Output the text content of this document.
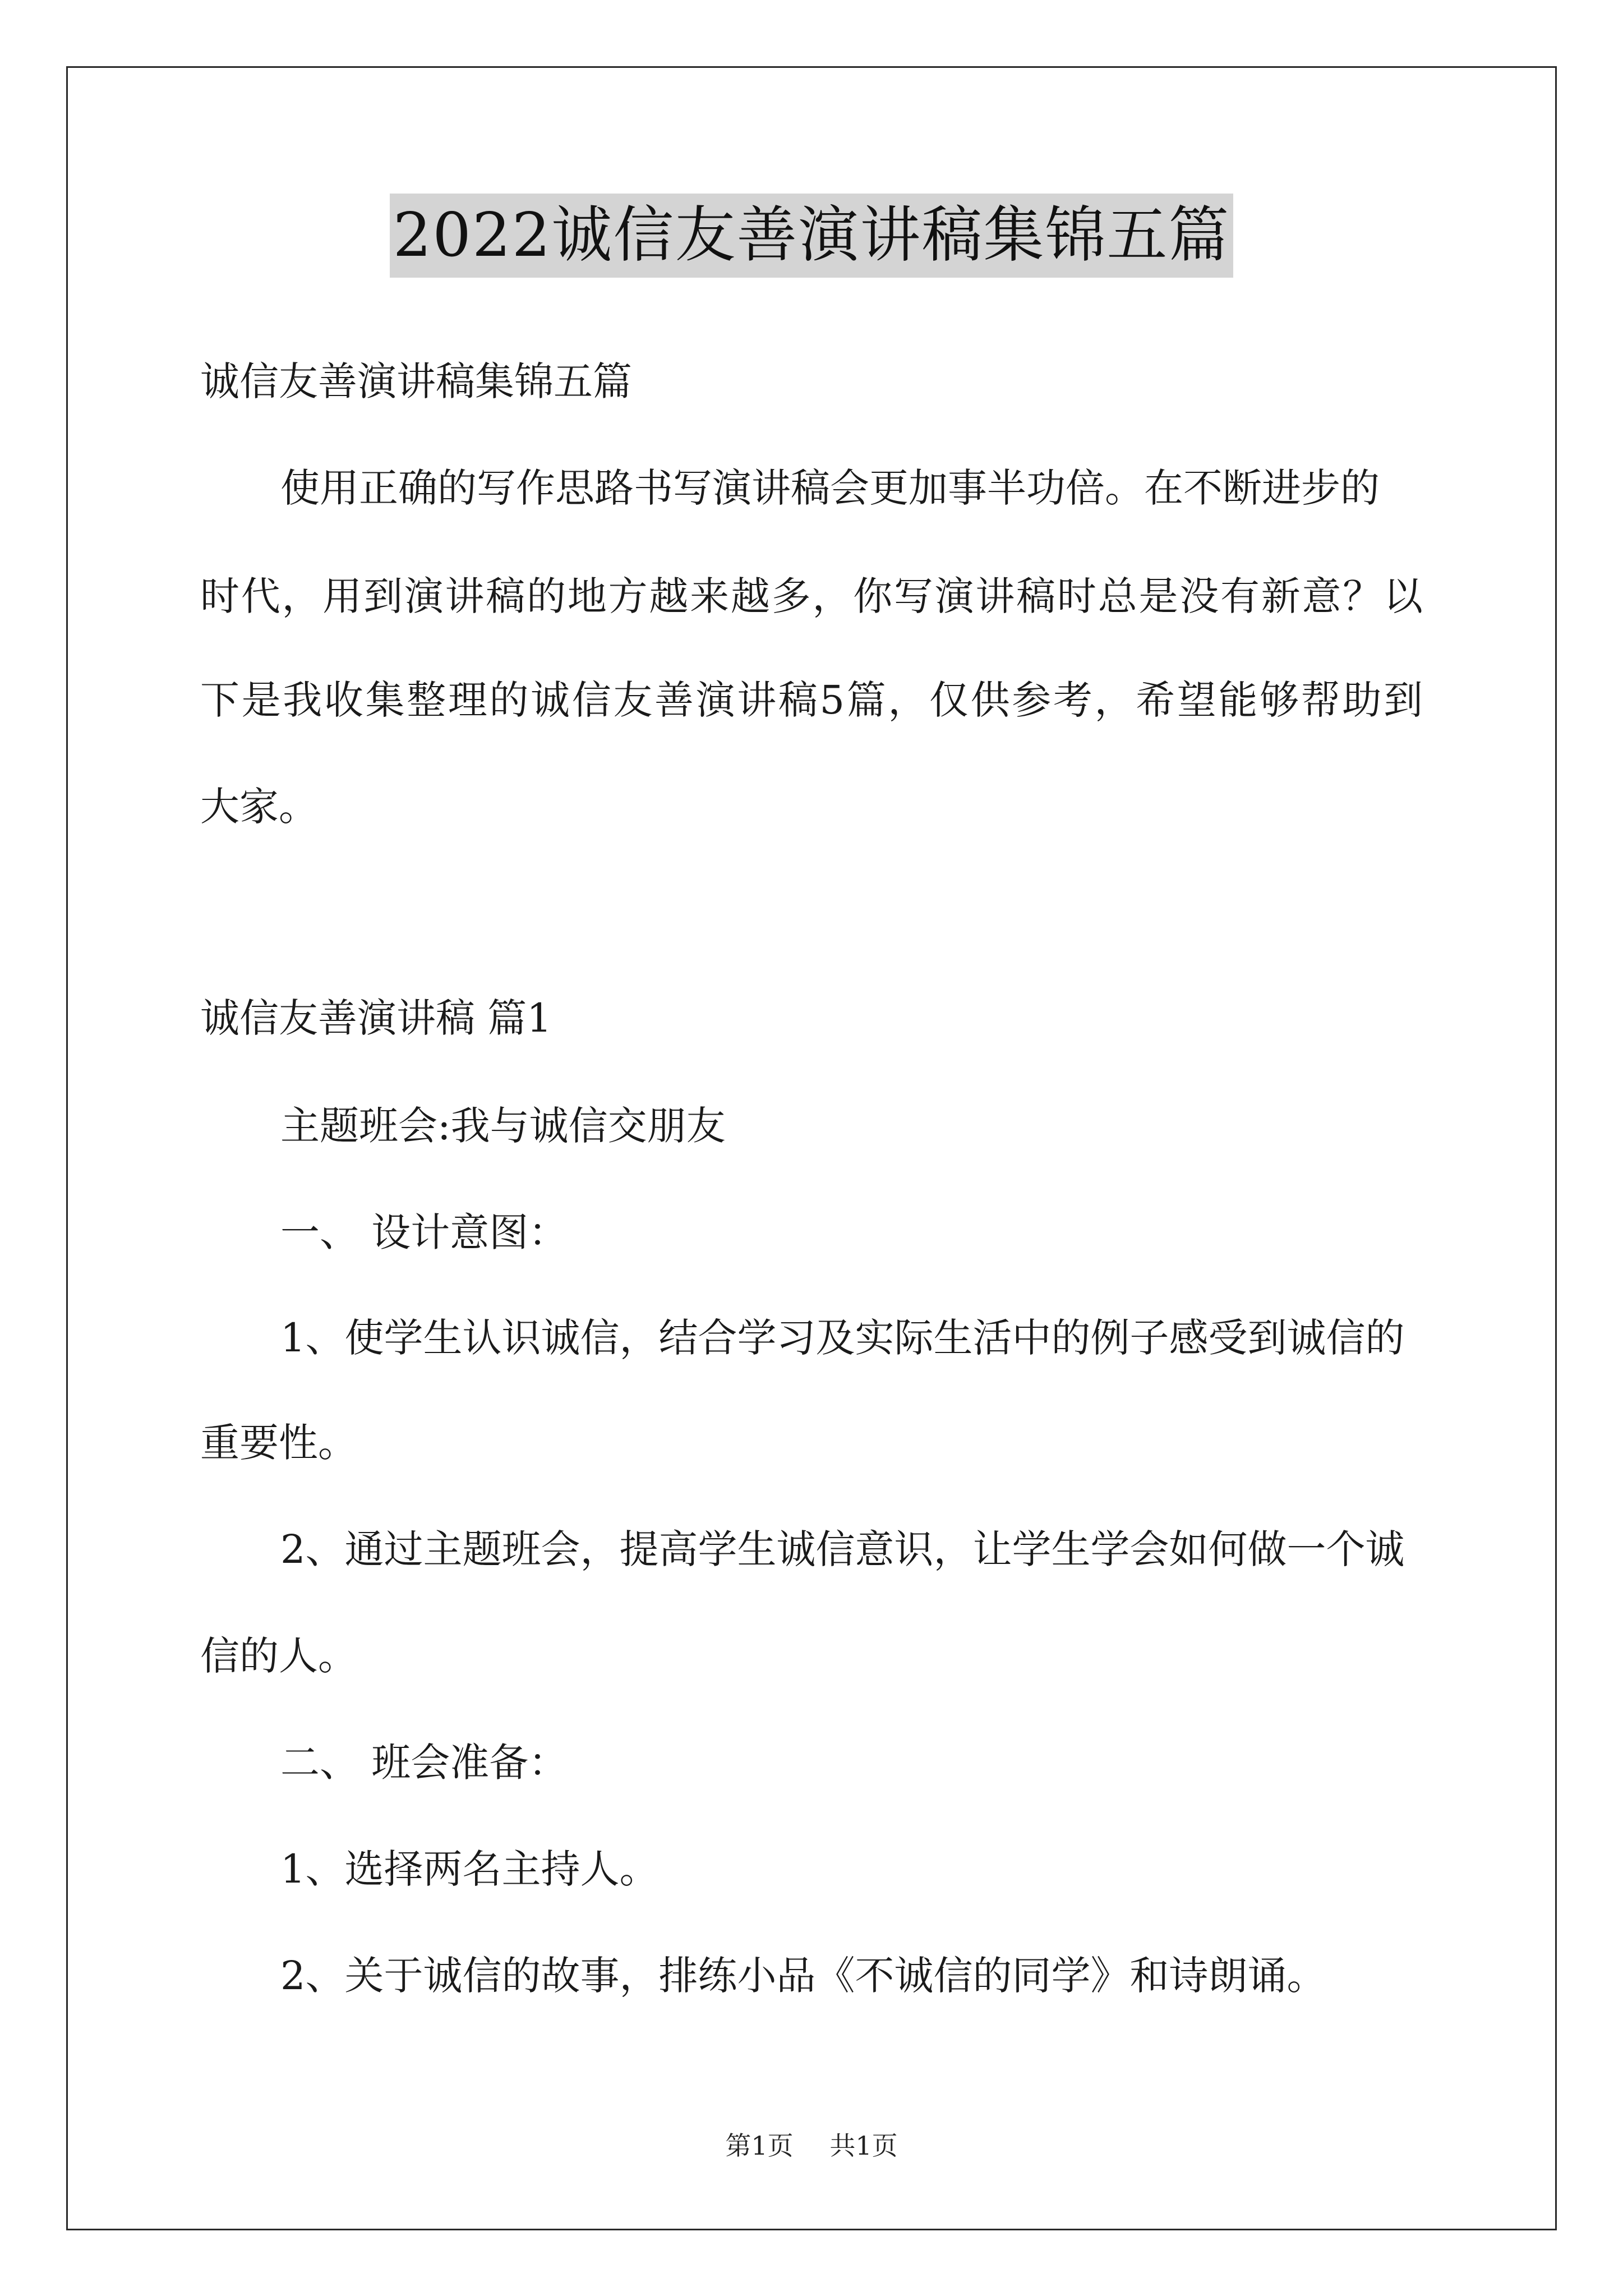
2022诚信友善演讲稿集锦五篇
诚信友善演讲稿集锦五篇
使用正确的写作思路书写演讲稿会更加事半功倍。在不断进步的
时代，用到演讲稿的地方越来越多，你写演讲稿时总是没有新意？以
下是我收集整理的诚信友善演讲稿5篇，仅供参考，希望能够帮助到
大家。
诚信友善演讲稿 篇1
主题班会:我与诚信交朋友
一、 设计意图：
1、使学生认识诚信，结合学习及实际生活中的例子感受到诚信的
重要性。
2、通过主题班会，提高学生诚信意识，让学生学会如何做一个诚
信的人。
二、 班会准备：
1、选择两名主持人。
2、关于诚信的故事，排练小品《不诚信的同学》和诗朗诵。
第1页 共1页
